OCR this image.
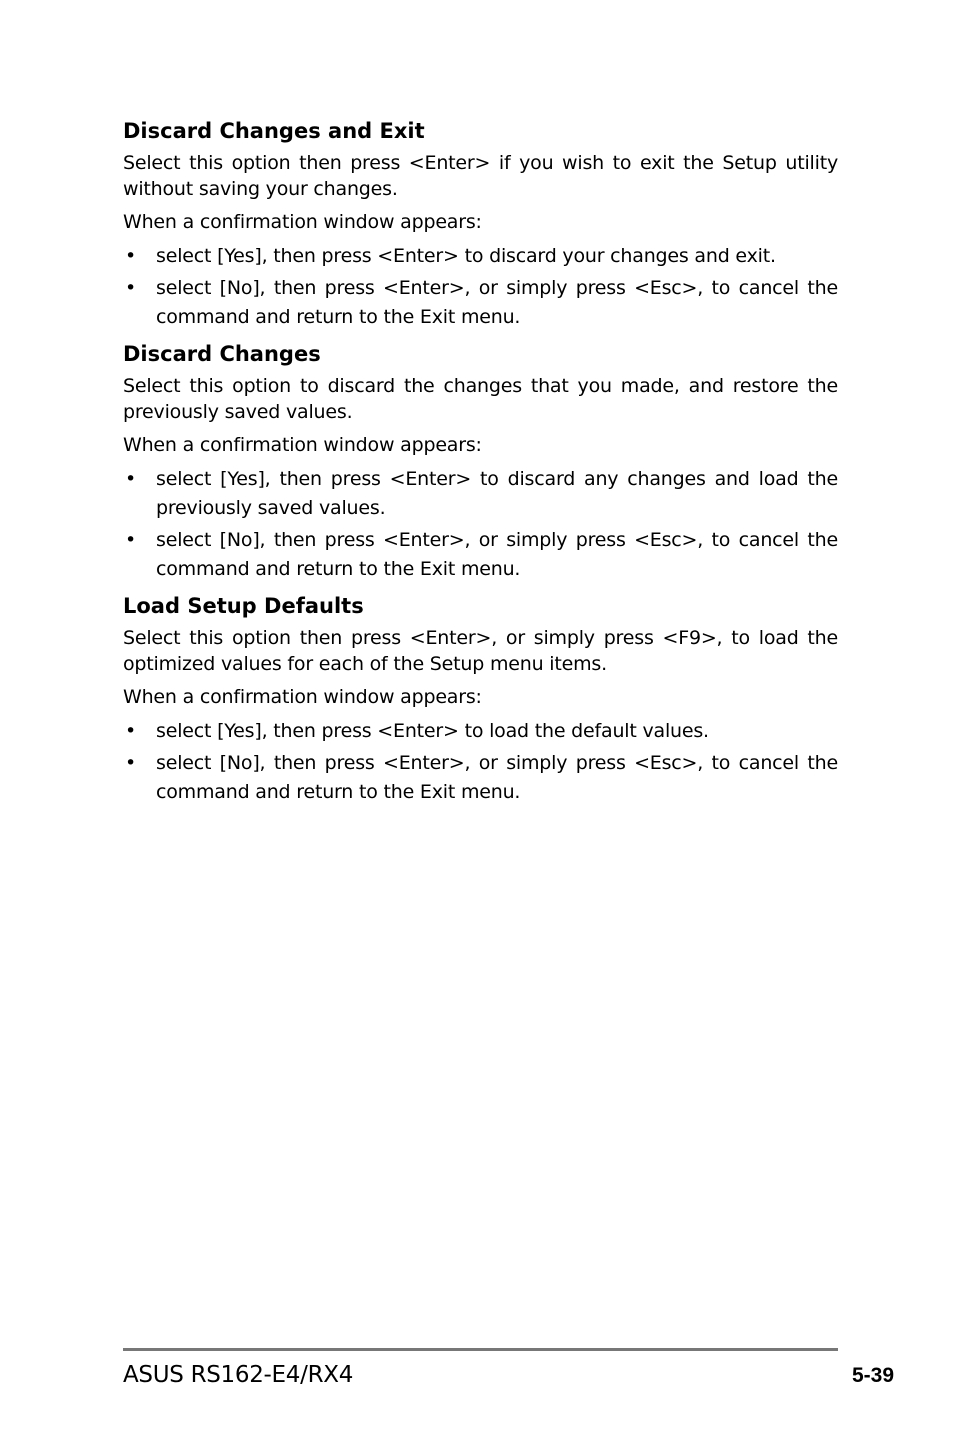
Discard Changes and Exit

Select this option then press <Enter> if you wish to exit the Setup utility without saving your changes.

When a confirmation window appears:

• select [Yes], then press <Enter> to discard your changes and exit.
• select [No], then press <Enter>, or simply press <Esc>, to cancel the command and return to the Exit menu.
Discard Changes

Select this option to discard the changes that you made, and restore the previously saved values.

When a confirmation window appears:

• select [Yes], then press <Enter> to discard any changes and load the previously saved values.
• select [No], then press <Enter>, or simply press <Esc>, to cancel the command and return to the Exit menu.
Load Setup Defaults

Select this option then press <Enter>, or simply press <F9>, to load the optimized values for each of the Setup menu items.

When a confirmation window appears:

• select [Yes], then press <Enter> to load the default values.
• select [No], then press <Enter>, or simply press <Esc>, to cancel the command and return to the Exit menu.
ASUS RS162-E4/RX4	5-39
